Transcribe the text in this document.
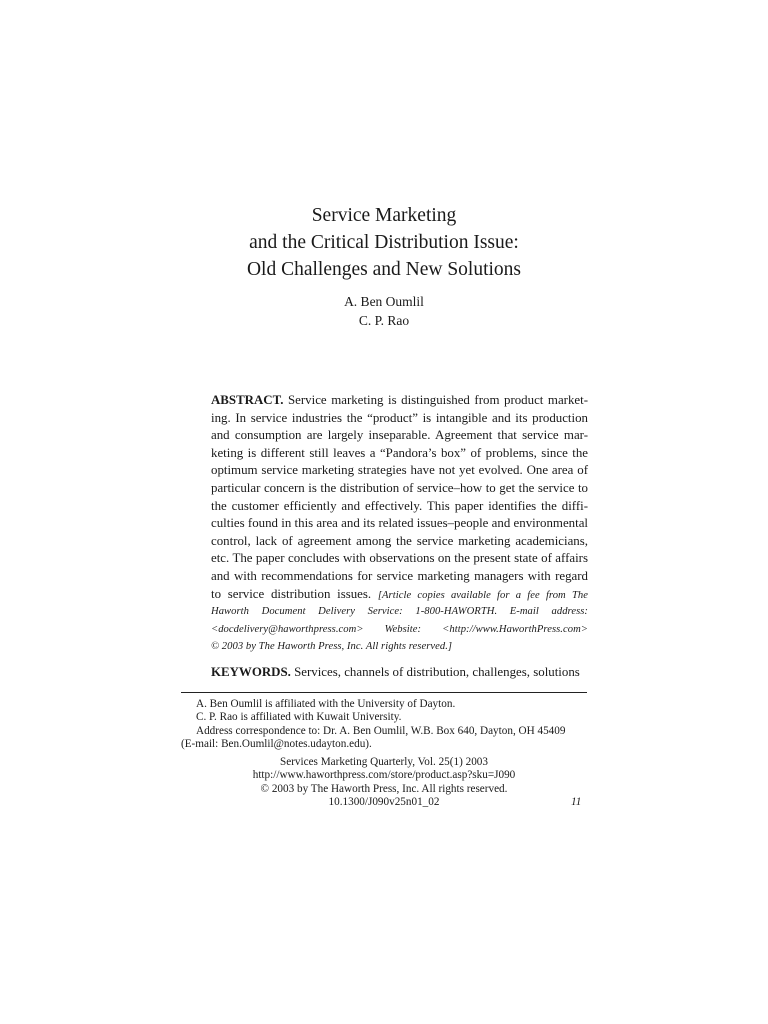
Service Marketing
and the Critical Distribution Issue:
Old Challenges and New Solutions
A. Ben Oumlil
C. P. Rao
ABSTRACT. Service marketing is distinguished from product market-
ing. In service industries the “product” is intangible and its production
and consumption are largely inseparable. Agreement that service mar-
keting is different still leaves a “Pandora’s box” of problems, since the
optimum service marketing strategies have not yet evolved. One area of
particular concern is the distribution of service–how to get the service to
the customer efficiently and effectively. This paper identifies the diffi-
culties found in this area and its related issues–people and environmental
control, lack of agreement among the service marketing academicians,
etc. The paper concludes with observations on the present state of affairs
and with recommendations for service marketing managers with regard
to service distribution issues. [Article copies available for a fee from The
Haworth Document Delivery Service: 1-800-HAWORTH. E-mail address:
<docdelivery@haworthpress.com> Website: <http://www.HaworthPress.com>
© 2003 by The Haworth Press, Inc. All rights reserved.]
KEYWORDS. Services, channels of distribution, challenges, solutions
A. Ben Oumlil is affiliated with the University of Dayton.
C. P. Rao is affiliated with Kuwait University.
Address correspondence to: Dr. A. Ben Oumlil, W.B. Box 640, Dayton, OH 45409
(E-mail: Ben.Oumlil@notes.udayton.edu).
Services Marketing Quarterly, Vol. 25(1) 2003
http://www.haworthpress.com/store/product.asp?sku=J090
© 2003 by The Haworth Press, Inc. All rights reserved.
10.1300/J090v25n01_02	11
